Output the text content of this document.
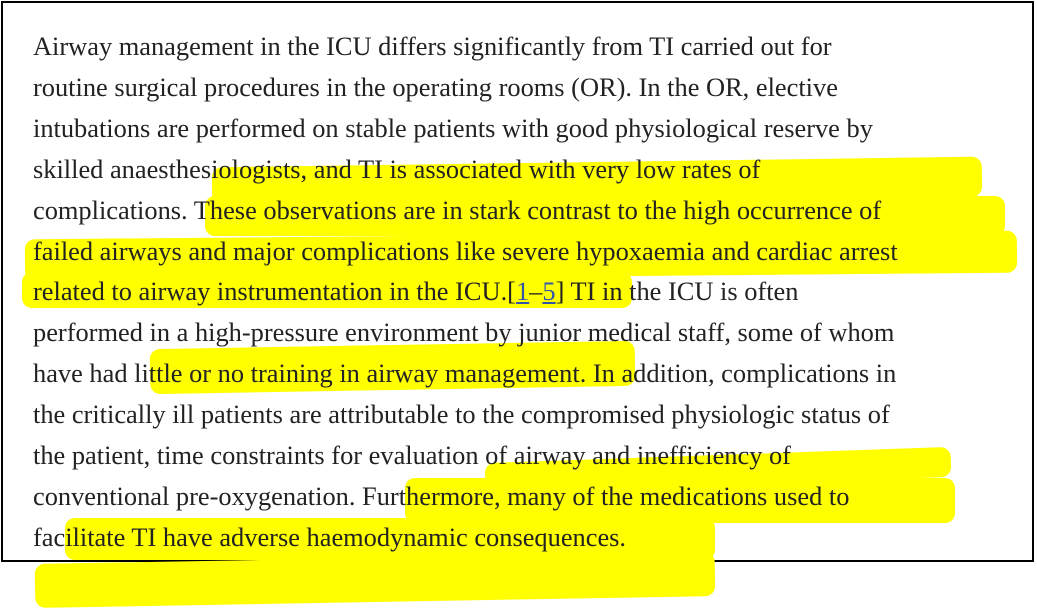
Airway management in the ICU differs significantly from TI carried out for
routine surgical procedures in the operating rooms (OR). In the OR, elective
intubations are performed on stable patients with good physiological reserve by
skilled anaesthesiologists, and TI is associated with very low rates of
complications. These observations are in stark contrast to the high occurrence of
failed airways and major complications like severe hypoxaemia and cardiac arrest
related to airway instrumentation in the ICU.[1–5] TI in the ICU is often
performed in a high-pressure environment by junior medical staff, some of whom
have had little or no training in airway management. In addition, complications in
the critically ill patients are attributable to the compromised physiologic status of
the patient, time constraints for evaluation of airway and inefficiency of
conventional pre-oxygenation. Furthermore, many of the medications used to
facilitate TI have adverse haemodynamic consequences.
